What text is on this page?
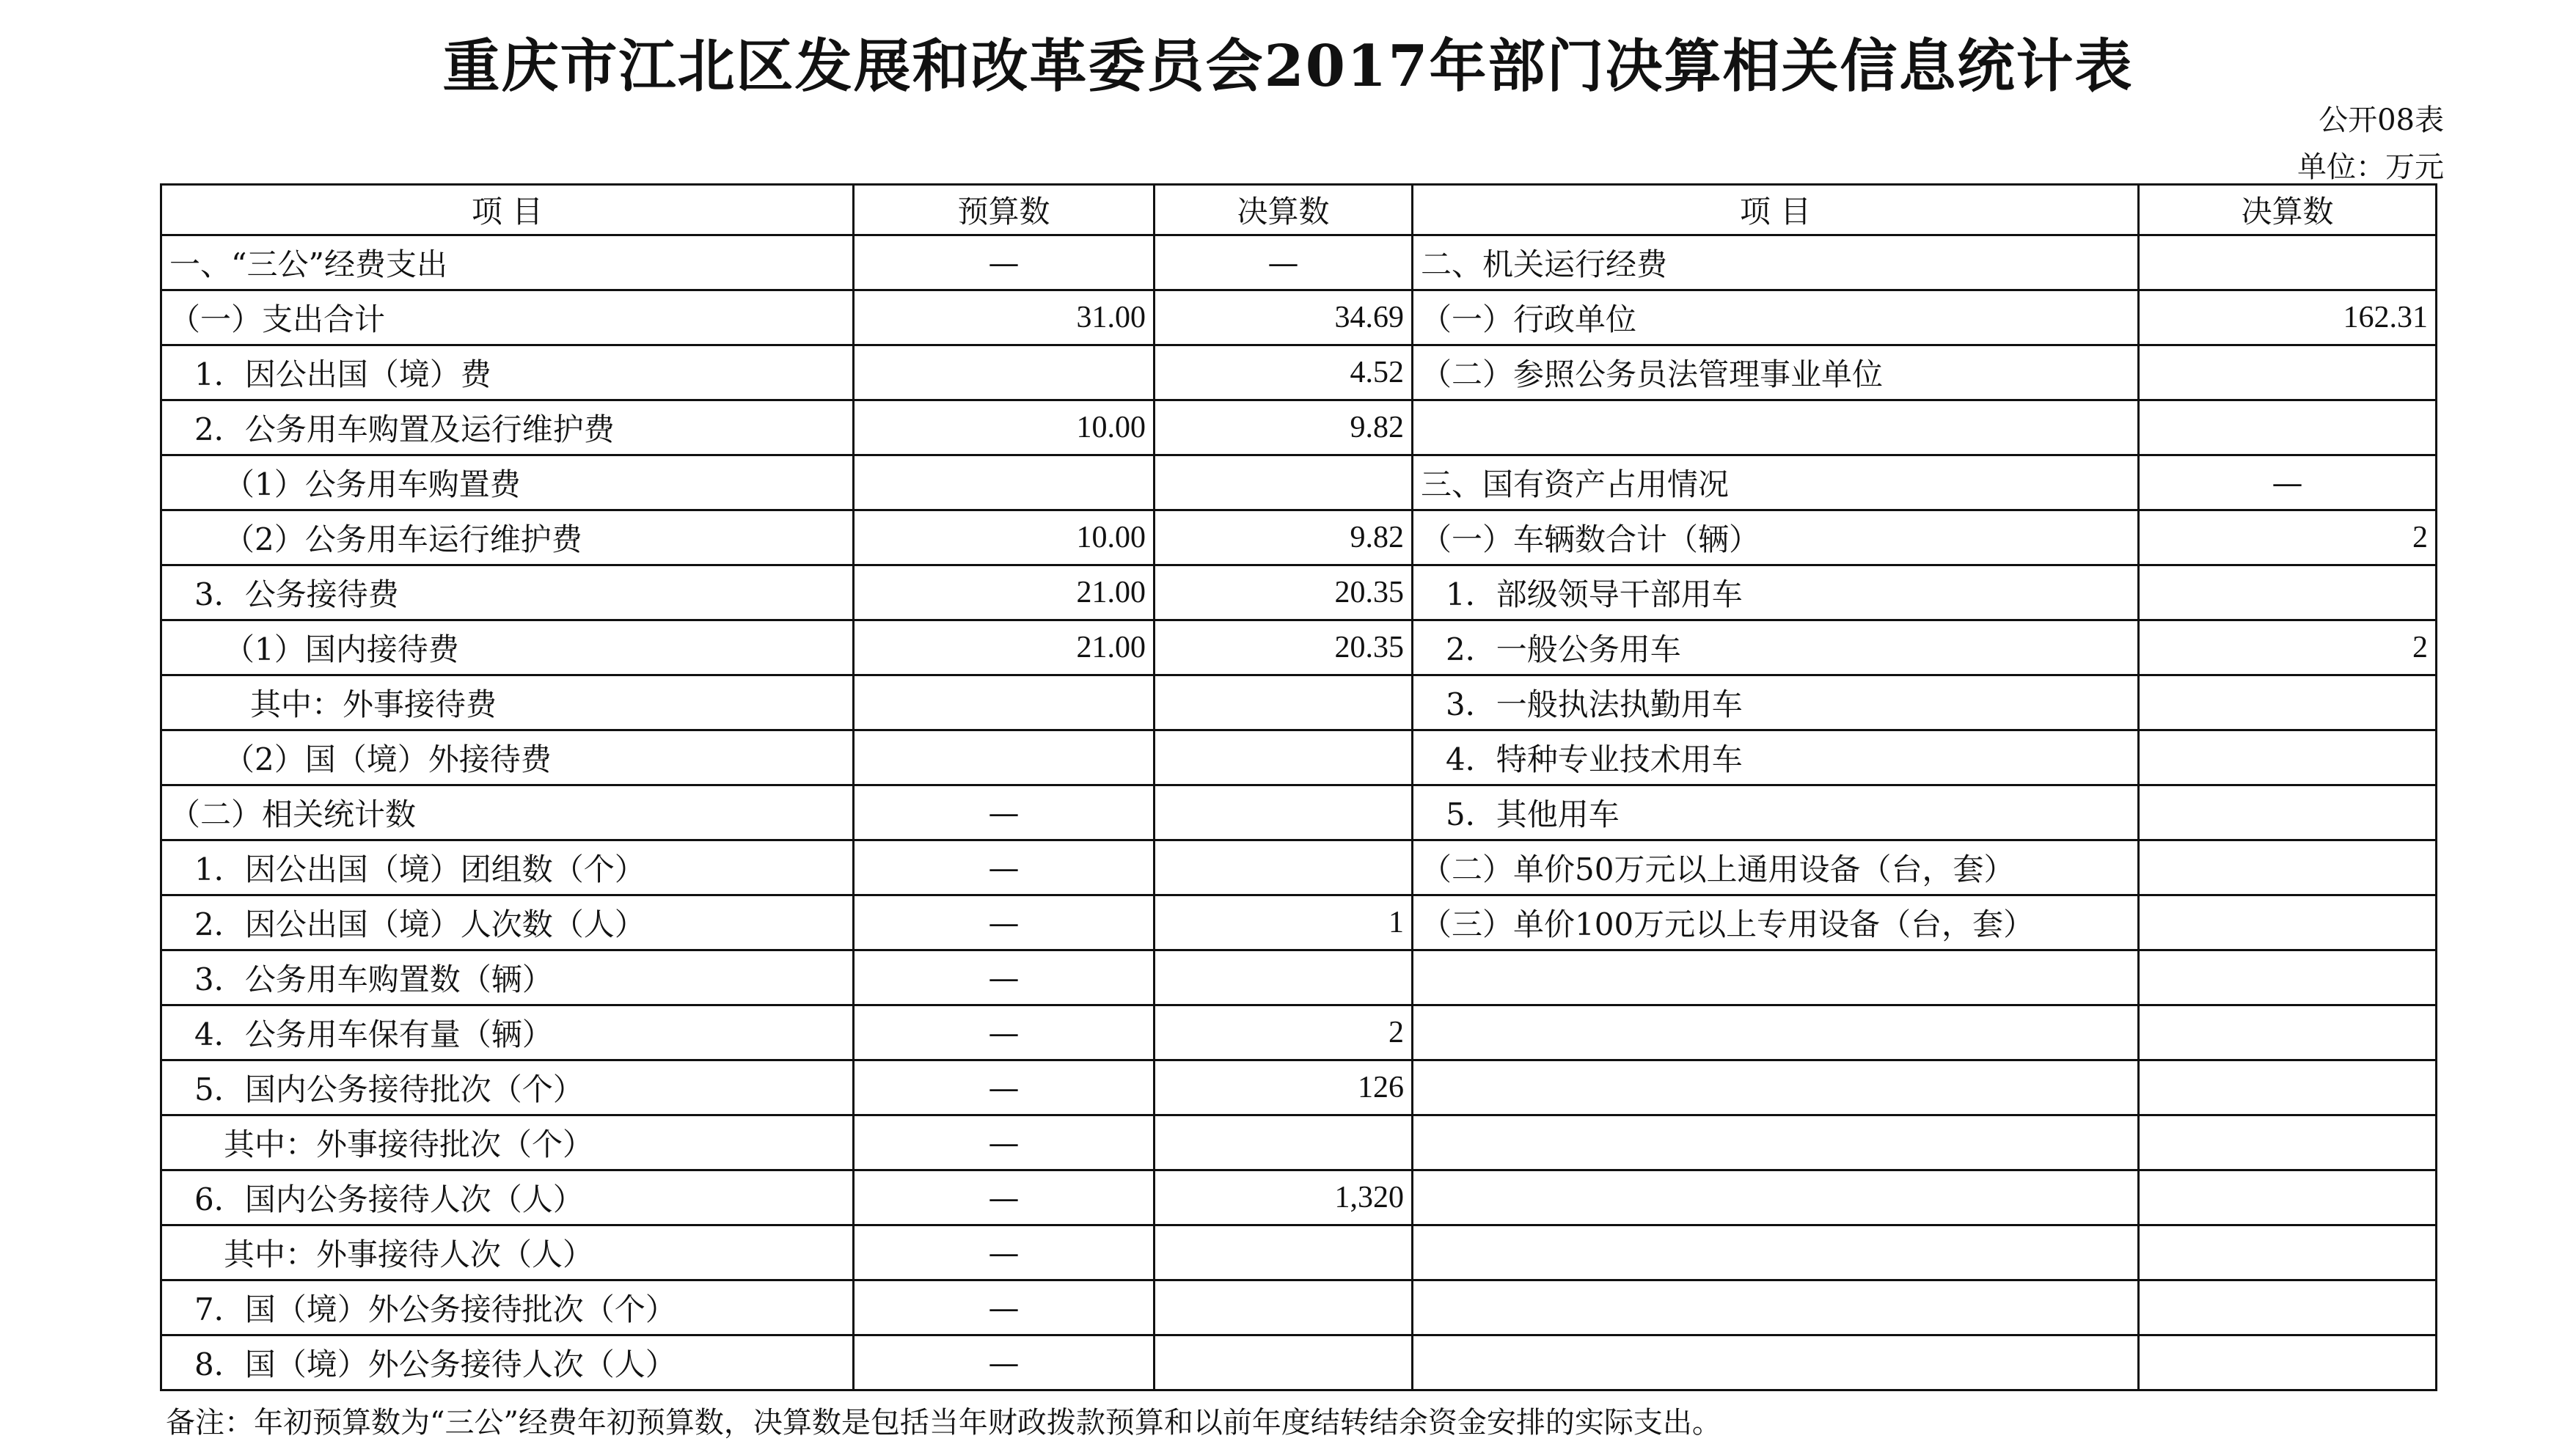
重庆市江北区发展和改革委员会2017年部门决算相关信息统计表
公开08表
单位：万元
项 目	预算数	决算数	项 目	决算数
一、“三公”经费支出	—	—	二、机关运行经费	
（一）支出合计	31.00	34.69	（一）行政单位	162.31
1．因公出国（境）费		4.52	（二）参照公务员法管理事业单位	
2．公务用车购置及运行维护费	10.00	9.82		
（1）公务用车购置费			三、国有资产占用情况	—
（2）公务用车运行维护费	10.00	9.82	（一）车辆数合计（辆）	2
3．公务接待费	21.00	20.35	1．部级领导干部用车	
（1）国内接待费	21.00	20.35	2．一般公务用车	2
其中：外事接待费			3．一般执法执勤用车	
（2）国（境）外接待费			4．特种专业技术用车	
（二）相关统计数	—		5．其他用车	
1．因公出国（境）团组数（个）	—		（二）单价50万元以上通用设备（台，套）	
2．因公出国（境）人次数（人）	—	1	（三）单价100万元以上专用设备（台，套）	
3．公务用车购置数（辆）	—			
4．公务用车保有量（辆）	—	2		
5．国内公务接待批次（个）	—	126		
其中：外事接待批次（个）	—			
6．国内公务接待人次（人）	—	1,320		
其中：外事接待人次（人）	—			
7．国（境）外公务接待批次（个）	—			
8．国（境）外公务接待人次（人）	—			
备注：年初预算数为“三公”经费年初预算数，决算数是包括当年财政拨款预算和以前年度结转结余资金安排的实际支出。
